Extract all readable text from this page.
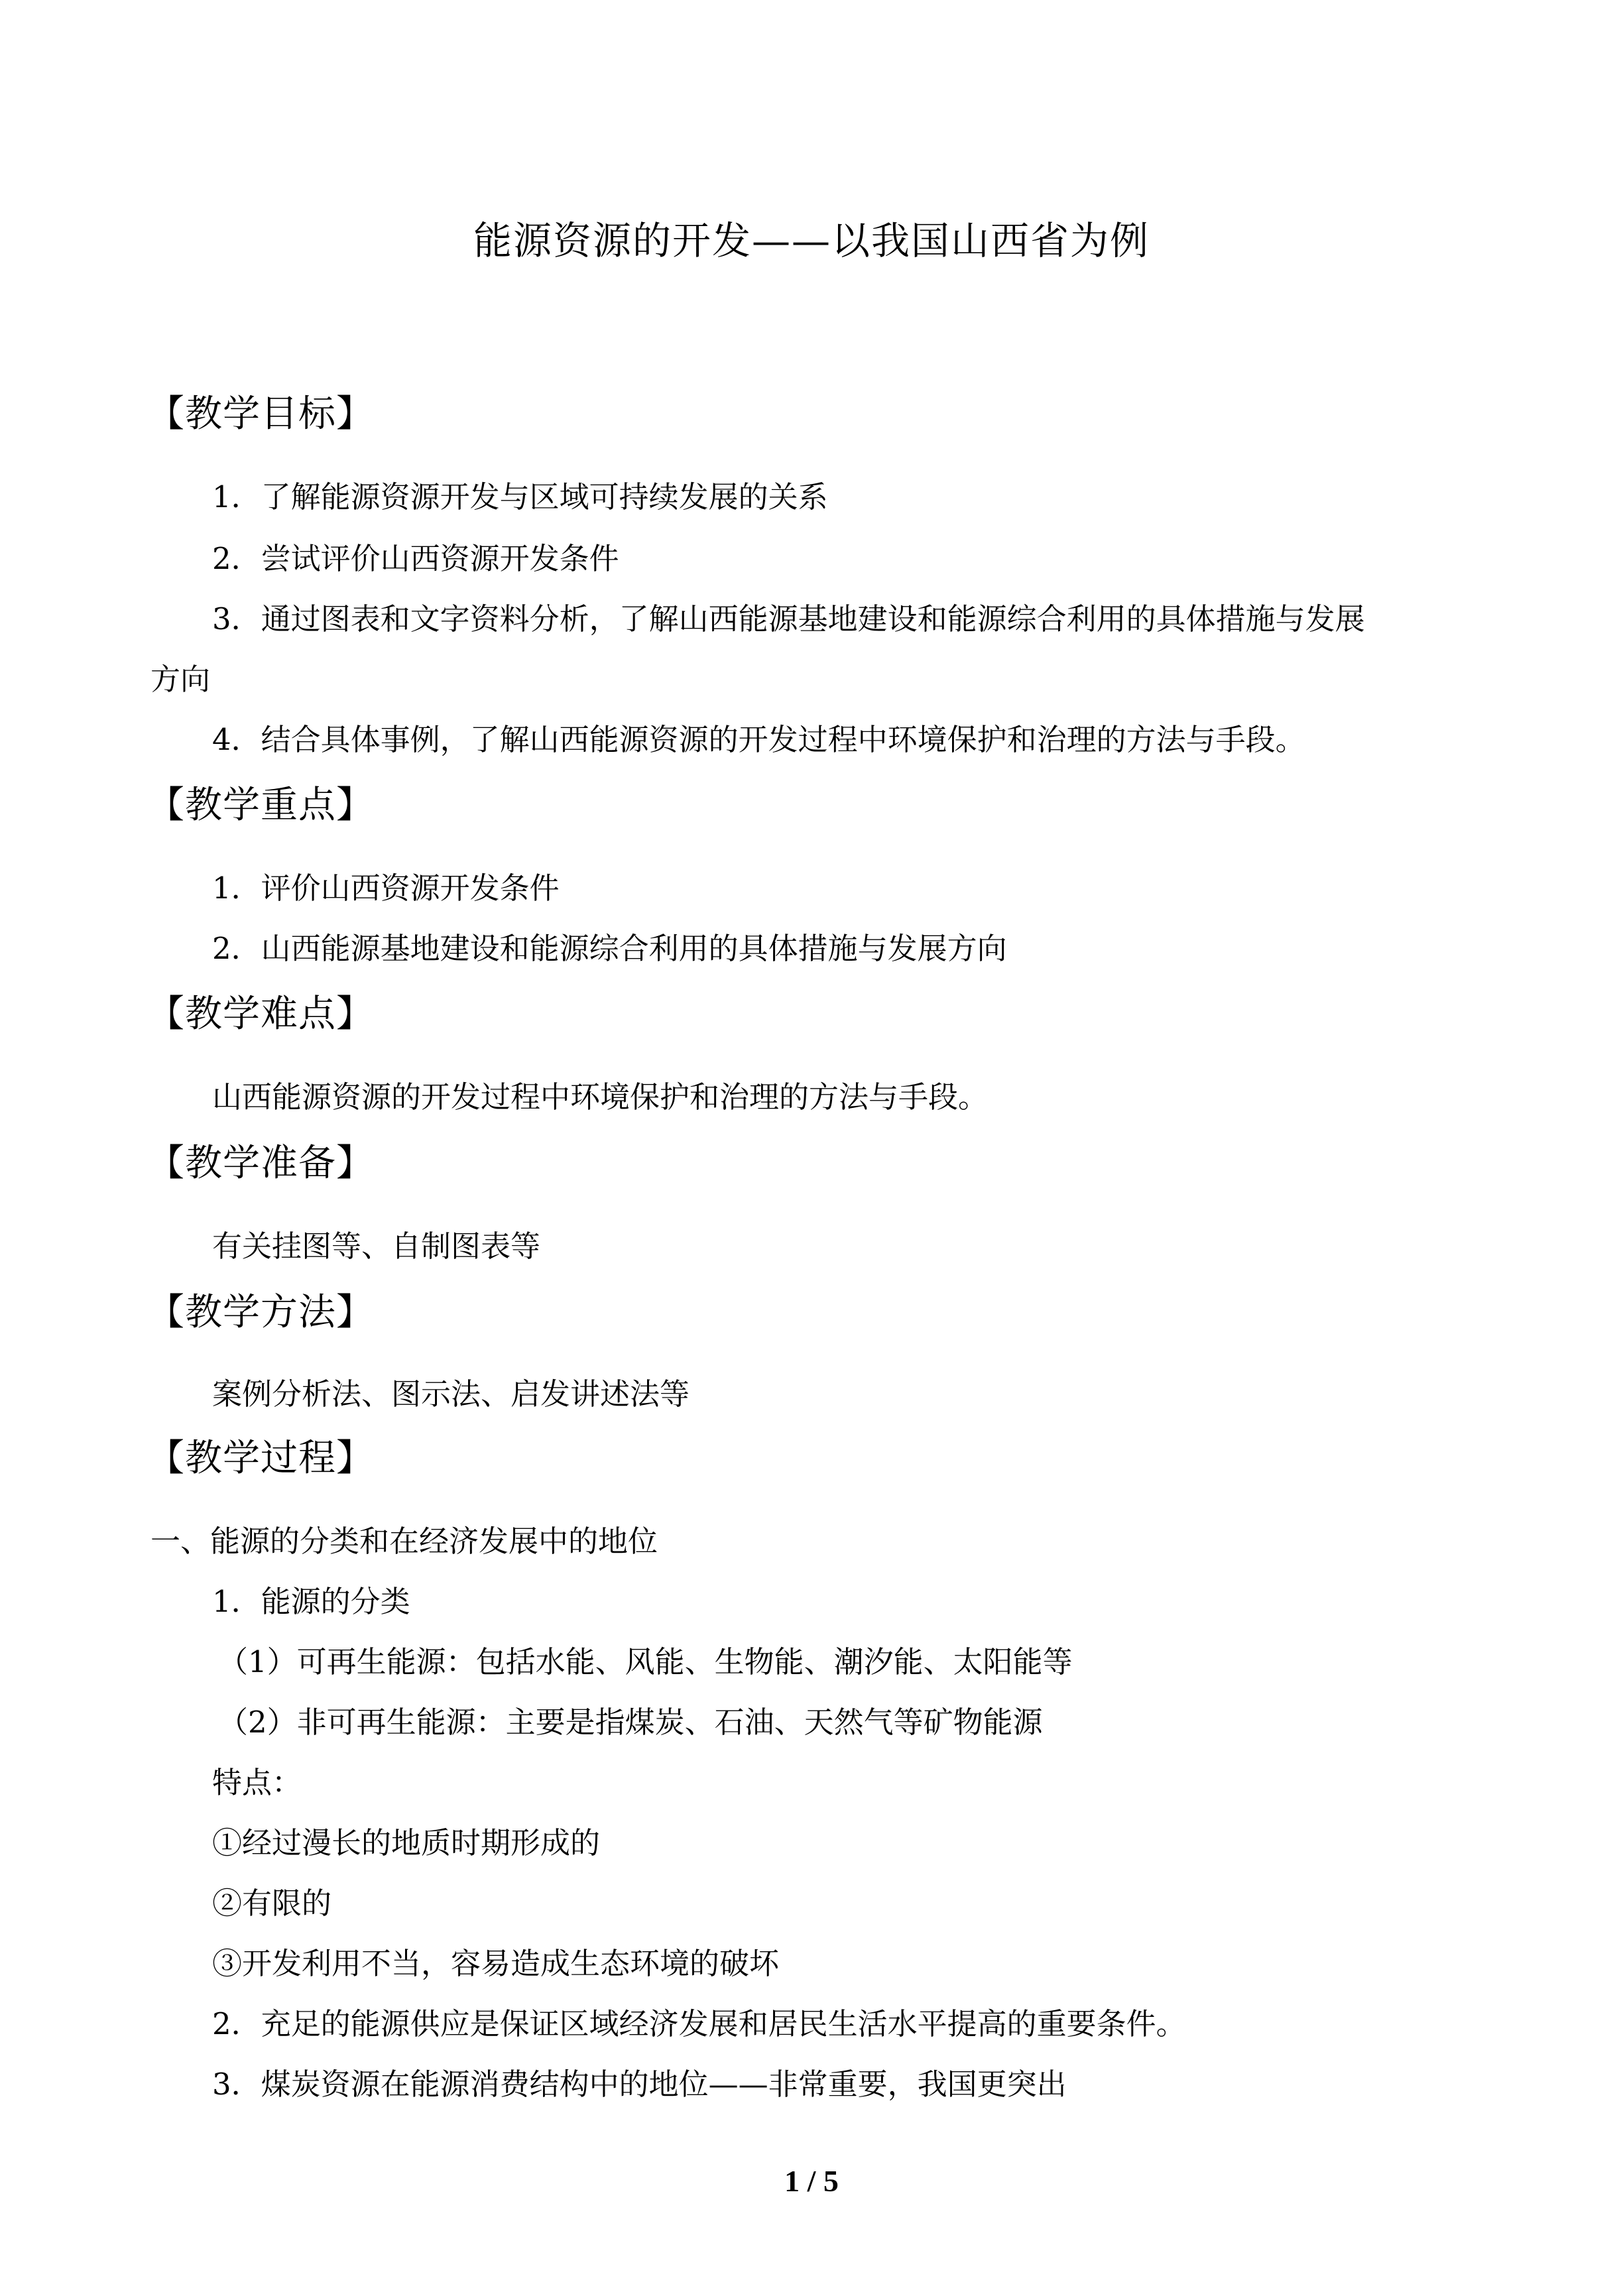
能源资源的开发——以我国山西省为例
【教学目标】
1．了解能源资源开发与区域可持续发展的关系
2．尝试评价山西资源开发条件
3．通过图表和文字资料分析，了解山西能源基地建设和能源综合利用的具体措施与发展
方向
4．结合具体事例，了解山西能源资源的开发过程中环境保护和治理的方法与手段。
【教学重点】
1．评价山西资源开发条件
2．山西能源基地建设和能源综合利用的具体措施与发展方向
【教学难点】
山西能源资源的开发过程中环境保护和治理的方法与手段。
【教学准备】
有关挂图等、自制图表等
【教学方法】
案例分析法、图示法、启发讲述法等
【教学过程】
一、能源的分类和在经济发展中的地位
1．能源的分类
（1）可再生能源：包括水能、风能、生物能、潮汐能、太阳能等
（2）非可再生能源：主要是指煤炭、石油、天然气等矿物能源
特点：
①经过漫长的地质时期形成的
②有限的
③开发利用不当，容易造成生态环境的破坏
2．充足的能源供应是保证区域经济发展和居民生活水平提高的重要条件。
3．煤炭资源在能源消费结构中的地位——非常重要，我国更突出
1 / 5
